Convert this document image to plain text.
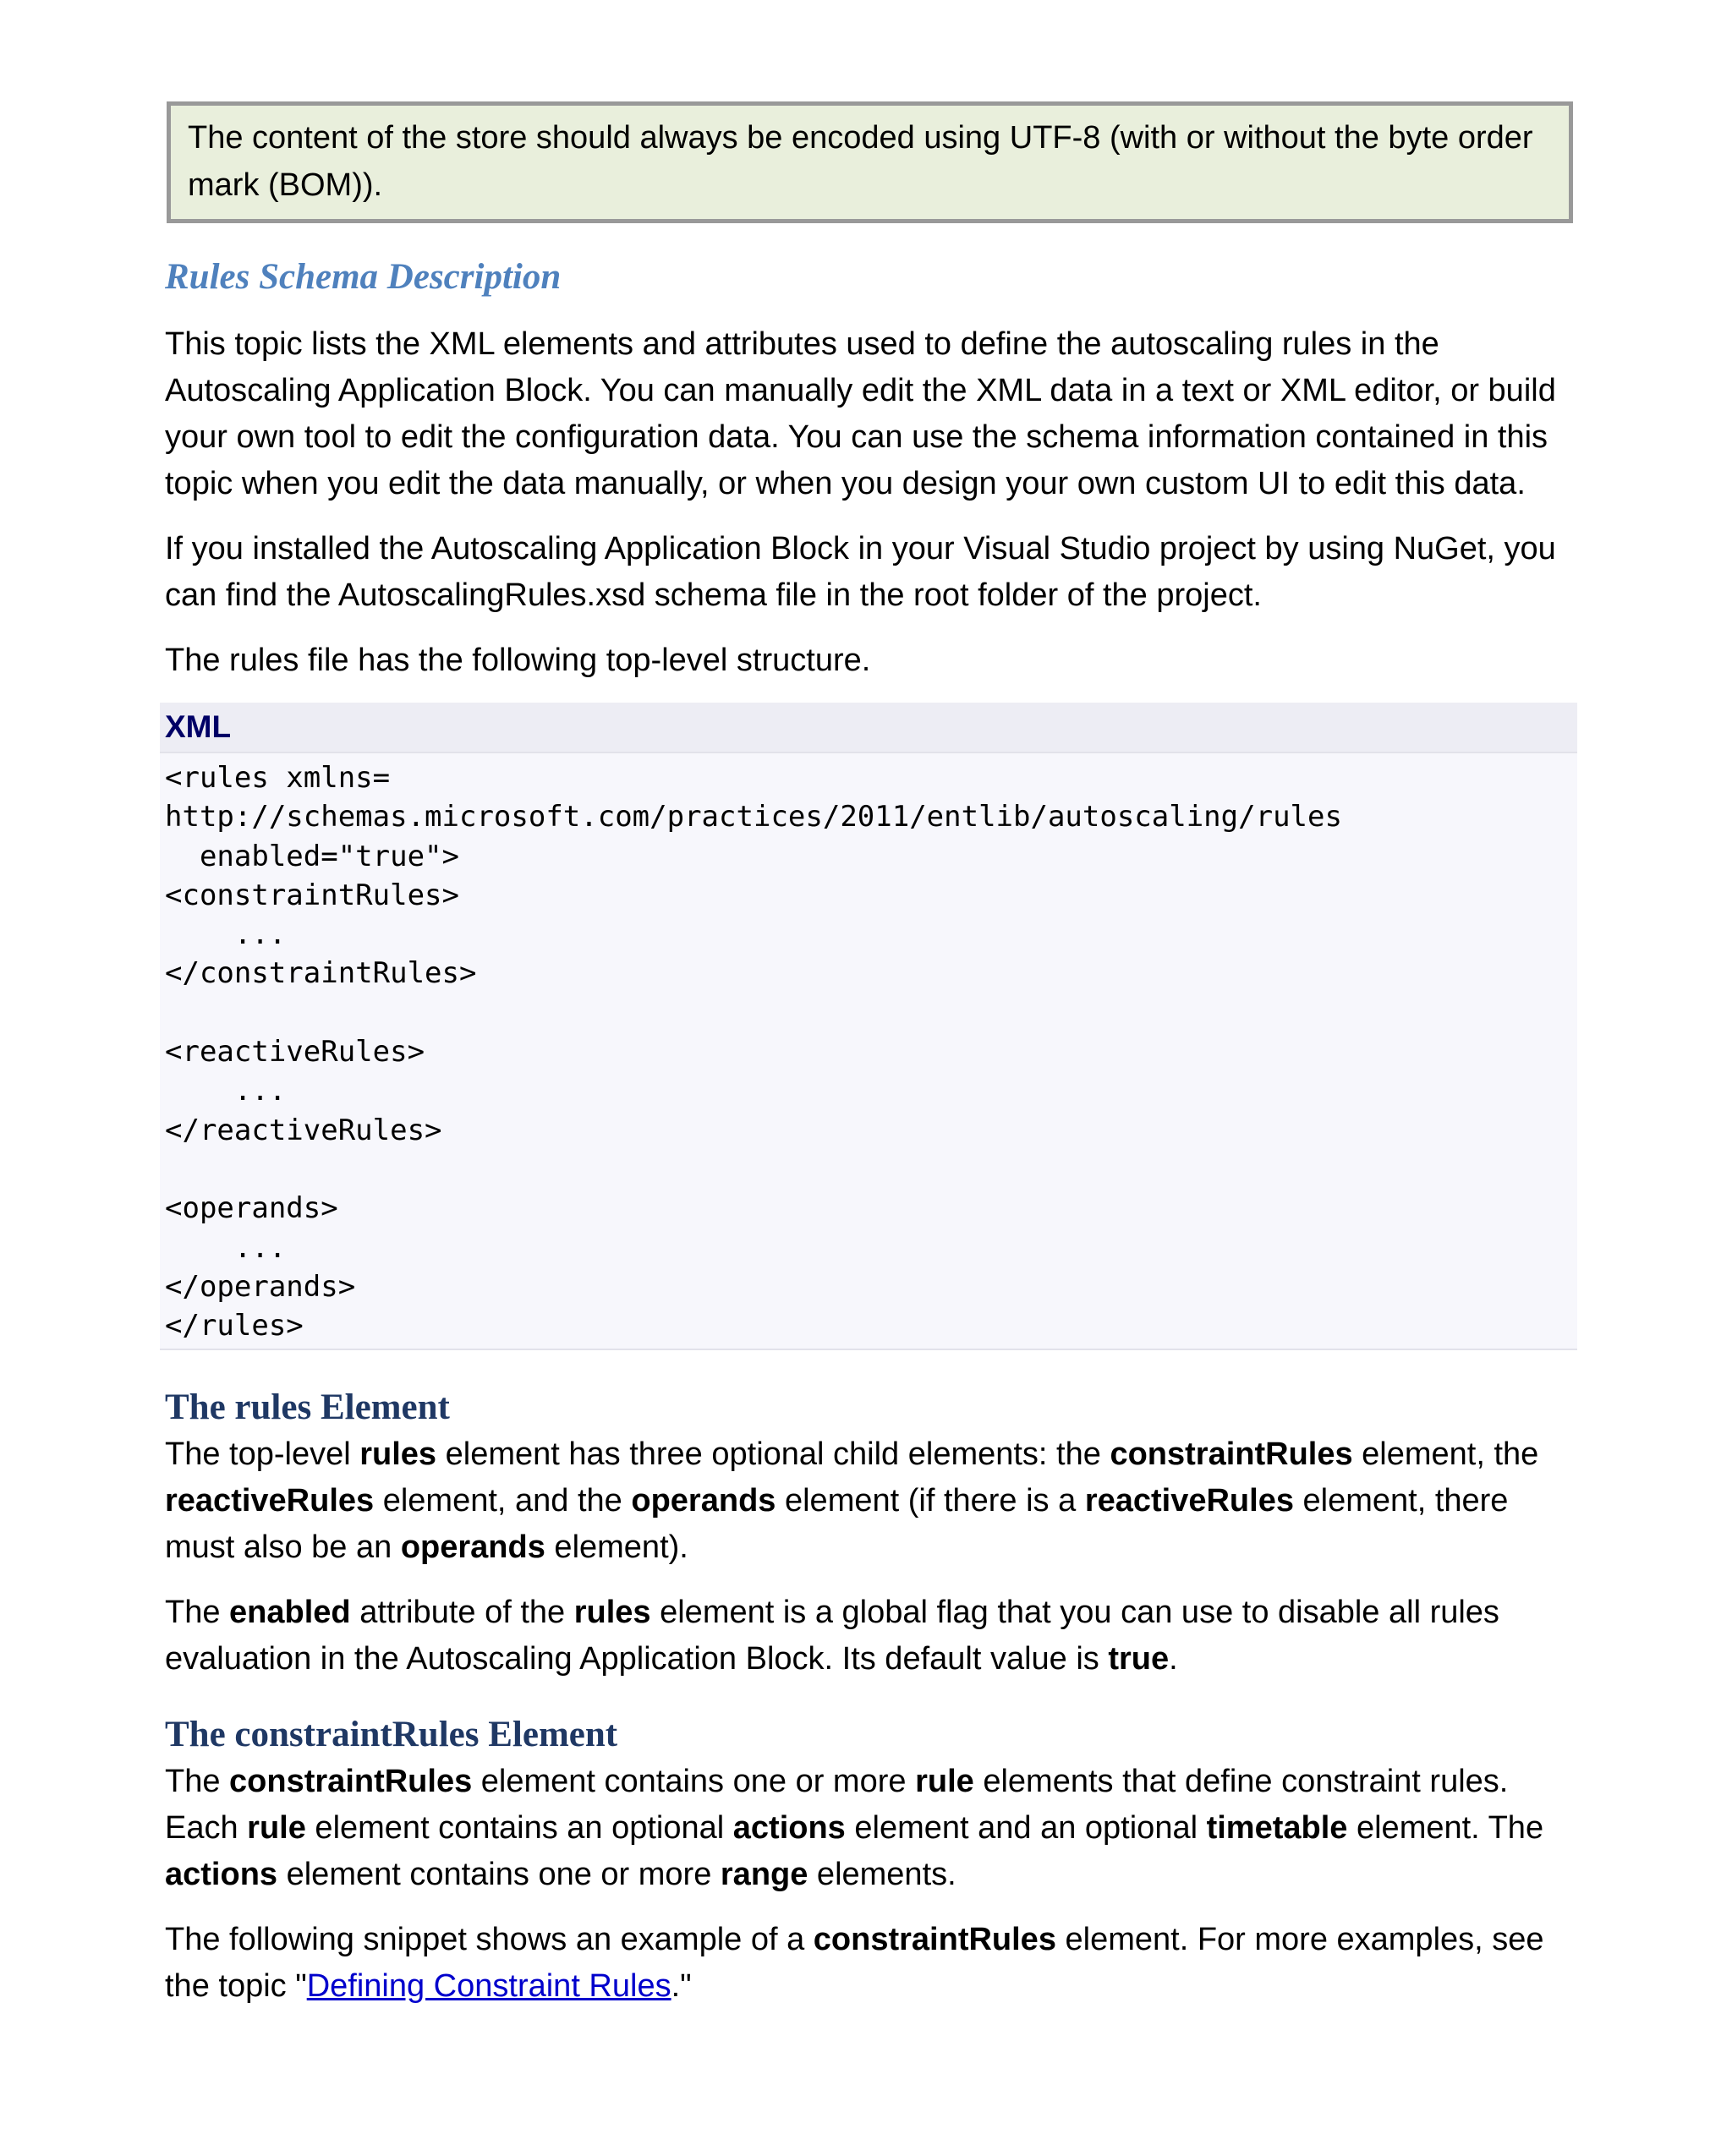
The content of the store should always be encoded using UTF-8 (with or without the byte order mark (BOM)).
Rules Schema Description

This topic lists the XML elements and attributes used to define the autoscaling rules in the Autoscaling Application Block. You can manually edit the XML data in a text or XML editor, or build your own tool to edit the configuration data. You can use the schema information contained in this topic when you edit the data manually, or when you design your own custom UI to edit this data.

If you installed the Autoscaling Application Block in your Visual Studio project by using NuGet, you can find the AutoscalingRules.xsd schema file in the root folder of the project.

The rules file has the following top-level structure.

XML
<rules xmlns=
http://schemas.microsoft.com/practices/2011/entlib/autoscaling/rules
enabled="true">
<constraintRules>
...
</constraintRules>

<reactiveRules>
...
</reactiveRules>

<operands>
...
</operands>
</rules>
The rules Element

The top-level rules element has three optional child elements: the constraintRules element, the reactiveRules element, and the operands element (if there is a reactiveRules element, there must also be an operands element).

The enabled attribute of the rules element is a global flag that you can use to disable all rules evaluation in the Autoscaling Application Block. Its default value is true.

The constraintRules Element

The constraintRules element contains one or more rule elements that define constraint rules. Each rule element contains an optional actions element and an optional timetable element. The actions element contains one or more range elements.

The following snippet shows an example of a constraintRules element. For more examples, see the topic "Defining Constraint Rules."
